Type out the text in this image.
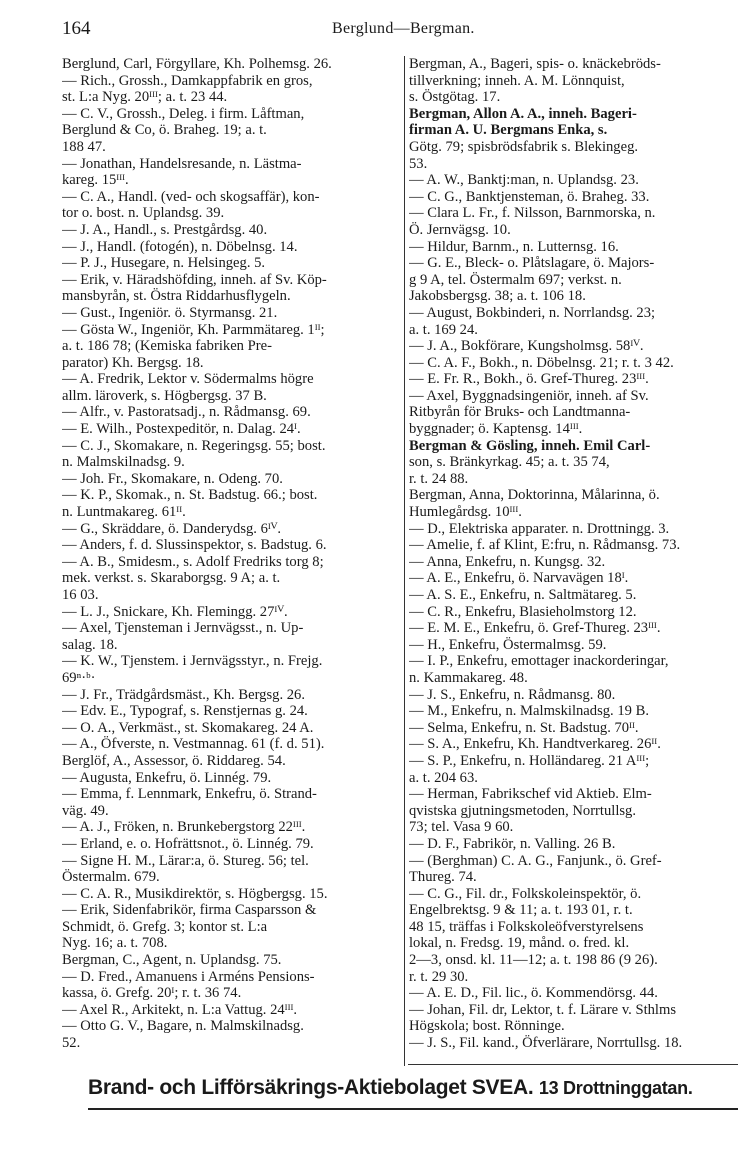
164	Berglund—Bergman.
Berglund, Carl, Förgyllare, Kh. Polhemsg. 26.
— Rich., Grossh., Damkappfabrik en gros,
st. L:a Nyg. 20ᴵᴵᴵ; a. t. 23 44.
— C. V., Grossh., Deleg. i firm. Låftman,
Berglund & Co, ö. Braheg. 19; a. t.
188 47.
— Jonathan, Handelsresande, n. Lästma-
kareg. 15ᴵᴵᴵ.
— C. A., Handl. (ved- och skogsaffär), kon-
tor o. bost. n. Uplandsg. 39.
— J. A., Handl., s. Prestgårdsg. 40.
— J., Handl. (fotogén), n. Döbelnsg. 14.
— P. J., Husegare, n. Helsingeg. 5.
— Erik, v. Häradshöfding, inneh. af Sv. Köp-
mansbyrån, st. Östra Riddarhusflygeln.
— Gust., Ingeniör. ö. Styrmansg. 21.
— Gösta W., Ingeniör, Kh. Parmmätareg. 1ᴵᴵ;
a. t. 186 78; (Kemiska fabriken Pre-
parator) Kh. Bergsg. 18.
— A. Fredrik, Lektor v. Södermalms högre
allm. läroverk, s. Högbergsg. 37 B.
— Alfr., v. Pastoratsadj., n. Rådmansg. 69.
— E. Wilh., Postexpeditör, n. Dalag. 24ᴵ.
— C. J., Skomakare, n. Regeringsg. 55; bost.
n. Malmskilnadsg. 9.
— Joh. Fr., Skomakare, n. Odeng. 70.
— K. P., Skomak., n. St. Badstug. 66.; bost.
n. Luntmakareg. 61ᴵᴵ.
— G., Skräddare, ö. Danderydsg. 6ᴵⱽ.
— Anders, f. d. Slussinspektor, s. Badstug. 6.
— A. B., Smidesm., s. Adolf Fredriks torg 8;
mek. verkst. s. Skaraborgsg. 9 A; a. t.
16 03.
— L. J., Snickare, Kh. Flemingg. 27ᴵⱽ.
— Axel, Tjensteman i Jernvägsst., n. Up-
salag. 18.
— K. W., Tjenstem. i Jernvägsstyr., n. Frejg.
69ⁿ·ᵇ·
— J. Fr., Trädgårdsmäst., Kh. Bergsg. 26.
— Edv. E., Typograf, s. Renstjernas g. 24.
— O. A., Verkmäst., st. Skomakareg. 24 A.
— A., Öfverste, n. Vestmannag. 61 (f. d. 51).
Berglöf, A., Assessor, ö. Riddareg. 54.
— Augusta, Enkefru, ö. Linnég. 79.
— Emma, f. Lennmark, Enkefru, ö. Strand-
väg. 49.
— A. J., Fröken, n. Brunkebergstorg 22ᴵᴵᴵ.
— Erland, e. o. Hofrättsnot., ö. Linnég. 79.
— Signe H. M., Lärar:a, ö. Stureg. 56; tel.
Östermalm. 679.
— C. A. R., Musikdirektör, s. Högbergsg. 15.
— Erik, Sidenfabrikör, firma Casparsson &
Schmidt, ö. Grefg. 3; kontor st. L:a
Nyg. 16; a. t. 708.
Bergman, C., Agent, n. Uplandsg. 75.
— D. Fred., Amanuens i Arméns Pensions-
kassa, ö. Grefg. 20ᴵ; r. t. 36 74.
— Axel R., Arkitekt, n. L:a Vattug. 24ᴵᴵᴵ.
— Otto G. V., Bagare, n. Malmskilnadsg.
52.
Bergman, A., Bageri, spis- o. knäckebröds-
tillverkning; inneh. A. M. Lönnquist,
s. Östgötag. 17.
Bergman, Allon A. A., inneh. Bageri-
firman A. U. Bergmans Enka, s.
Götg. 79; spisbrödsfabrik s. Blekingeg.
53.
— A. W., Banktj:man, n. Uplandsg. 23.
— C. G., Banktjensteman, ö. Braheg. 33.
— Clara L. Fr., f. Nilsson, Barnmorska, n.
Ö. Jernvägsg. 10.
— Hildur, Barnm., n. Lutternsg. 16.
— G. E., Bleck- o. Plåtslagare, ö. Majors-
g 9 A, tel. Östermalm 697; verkst. n.
Jakobsbergsg. 38; a. t. 106 18.
— August, Bokbinderi, n. Norrlandsg. 23;
a. t. 169 24.
— J. A., Bokförare, Kungsholmsg. 58ᴵⱽ.
— C. A. F., Bokh., n. Döbelnsg. 21; r. t. 3 42.
— E. Fr. R., Bokh., ö. Gref-Thureg. 23ᴵᴵᴵ.
— Axel, Byggnadsingeniör, inneh. af Sv.
Ritbyrån för Bruks- och Landtmanna-
byggnader; ö. Kaptensg. 14ᴵᴵᴵ.
Bergman & Gösling, inneh. Emil Carl-
son, s. Bränkyrkag. 45; a. t. 35 74,
r. t. 24 88.
Bergman, Anna, Doktorinna, Målarinna, ö.
Humlegårdsg. 10ᴵᴵᴵ.
— D., Elektriska apparater. n. Drottningg. 3.
— Amelie, f. af Klint, E:fru, n. Rådmansg. 73.
— Anna, Enkefru, n. Kungsg. 32.
— A. E., Enkefru, ö. Narvavägen 18ᴵ.
— A. S. E., Enkefru, n. Saltmätareg. 5.
— C. R., Enkefru, Blasieholmstorg 12.
— E. M. E., Enkefru, ö. Gref-Thureg. 23ᴵᴵᴵ.
— H., Enkefru, Östermalmsg. 59.
— I. P., Enkefru, emottager inackorderingar,
n. Kammakareg. 48.
— J. S., Enkefru, n. Rådmansg. 80.
— M., Enkefru, n. Malmskilnadsg. 19 B.
— Selma, Enkefru, n. St. Badstug. 70ᴵᴵ.
— S. A., Enkefru, Kh. Handtverkareg. 26ᴵᴵ.
— S. P., Enkefru, n. Holländareg. 21 Aᴵᴵᴵ;
a. t. 204 63.
— Herman, Fabrikschef vid Aktieb. Elm-
qvistska gjutningsmetoden, Norrtullsg.
73; tel. Vasa 9 60.
— D. F., Fabrikör, n. Valling. 26 B.
— (Berghman) C. A. G., Fanjunk., ö. Gref-
Thureg. 74.
— C. G., Fil. dr., Folkskoleinspektör, ö.
Engelbrektsg. 9 & 11; a. t. 193 01, r. t.
48 15, träffas i Folkskoleöfverstyrelsens
lokal, n. Fredsg. 19, månd. o. fred. kl.
2—3, onsd. kl. 11—12; a. t. 198 86 (9 26).
r. t. 29 30.
— A. E. D., Fil. lic., ö. Kommendörsg. 44.
— Johan, Fil. dr, Lektor, t. f. Lärare v. Sthlms
Högskola; bost. Rönninge.
— J. S., Fil. kand., Öfverlärare, Norrtullsg. 18.
Brand- och Lifförsäkrings-Aktiebolaget SVEA. 13 Drottninggatan.
